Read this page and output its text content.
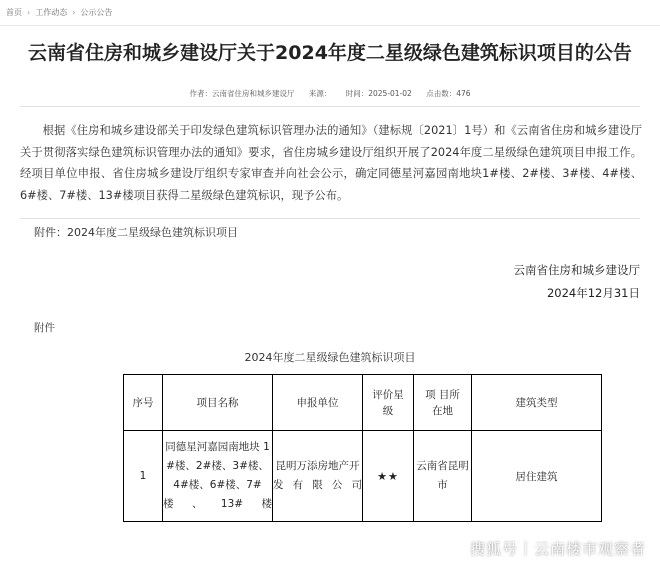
首页 › 工作动态 › 公示公告
云南省住房和城乡建设厅关于2024年度二星级绿色建筑标识项目的公告
作者：云南省住房和城乡建设厅 来源： 时间：2025-01-02 点击数：476
根据《住房和城乡建设部关于印发绿色建筑标识管理办法的通知》（建标规〔2021〕1号）和《云南省住房和城乡建设厅关于贯彻落实绿色建筑标识管理办法的通知》要求，省住房城乡建设厅组织开展了2024年度二星级绿色建筑项目申报工作。经项目单位申报、省住房城乡建设厅组织专家审查并向社会公示，确定同德星河嘉园南地块1#楼、2#楼、3#楼、4#楼、6#楼、7#楼、13#楼项目获得二星级绿色建筑标识，现予公布。
附件：2024年度二星级绿色建筑标识项目
云南省住房和城乡建设厅
2024年12月31日
附件
2024年度二星级绿色建筑标识项目
序号	项目名称	申报单位	评价星级	项 目所在地	建筑类型
1	同德星河嘉园南地块 1#楼、2#楼、3#楼、4#楼、6#楼、7#楼、13#楼	昆明万添房地产开发有限公司	★★	云南省昆明市	居住建筑
搜狐号｜云南楼市观察者
